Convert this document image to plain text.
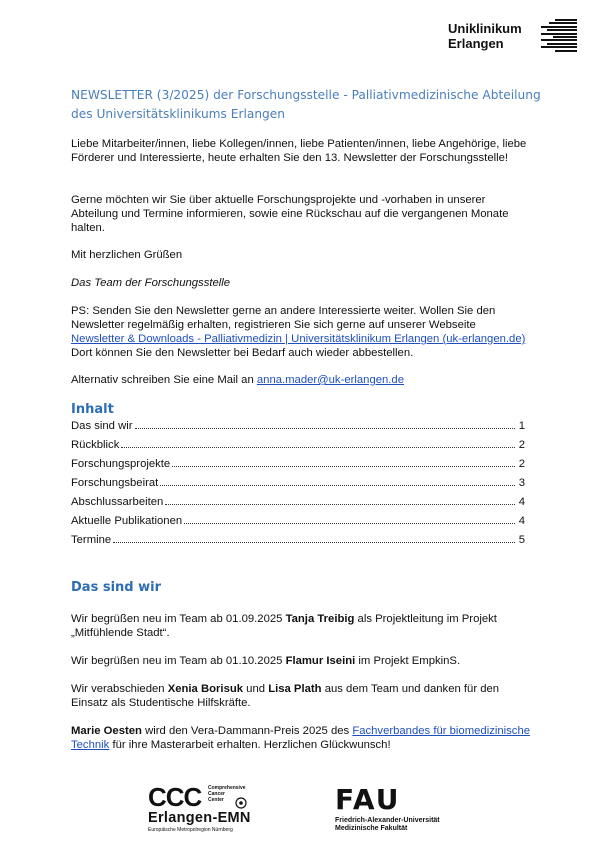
Uniklinikum
Erlangen
NEWSLETTER (3/2025) der Forschungsstelle - Palliativmedizinische Abteilung des Universitätsklinikums Erlangen

Liebe Mitarbeiter/innen, liebe Kollegen/innen, liebe Patienten/innen, liebe Angehörige, liebe Förderer und Interessierte, heute erhalten Sie den 13. Newsletter der Forschungsstelle!

Gerne möchten wir Sie über aktuelle Forschungsprojekte und -vorhaben in unserer Abteilung und Termine informieren, sowie eine Rückschau auf die vergangenen Monate halten.

Mit herzlichen Grüßen
Das Team der Forschungsstelle
PS: Senden Sie den Newsletter gerne an andere Interessierte weiter. Wollen Sie den Newsletter regelmäßig erhalten, registrieren Sie sich gerne auf unserer Webseite Newsletter & Downloads - Palliativmedizin | Universitätsklinikum Erlangen (uk-erlangen.de) Dort können Sie den Newsletter bei Bedarf auch wieder abbestellen.
Alternativ schreiben Sie eine Mail an anna.mader@uk-erlangen.de
Inhalt
Das sind wir	1
Rückblick	2
Forschungsprojekte	2
Forschungsbeirat	3
Abschlussarbeiten	4
Aktuelle Publikationen	4
Termine	5
Das sind wir
Wir begrüßen neu im Team ab 01.09.2025 Tanja Treibig als Projektleitung im Projekt „Mitfühlende Stadt“.
Wir begrüßen neu im Team ab 01.10.2025 Flamur Iseini im Projekt EmpkinS.
Wir verabschieden Xenia Borisuk und Lisa Plath aus dem Team und danken für den Einsatz als Studentische Hilfskräfte.
Marie Oesten wird den Vera-Dammann-Preis 2025 des Fachverbandes für biomedizinische Technik für ihre Masterarbeit erhalten. Herzlichen Glückwunsch!
CCC	Comprehensive
Cancer
Center
Erlangen-EMN
Europäische Metropolregion Nürnberg
FAU
Friedrich-Alexander-Universität
Medizinische Fakultät
